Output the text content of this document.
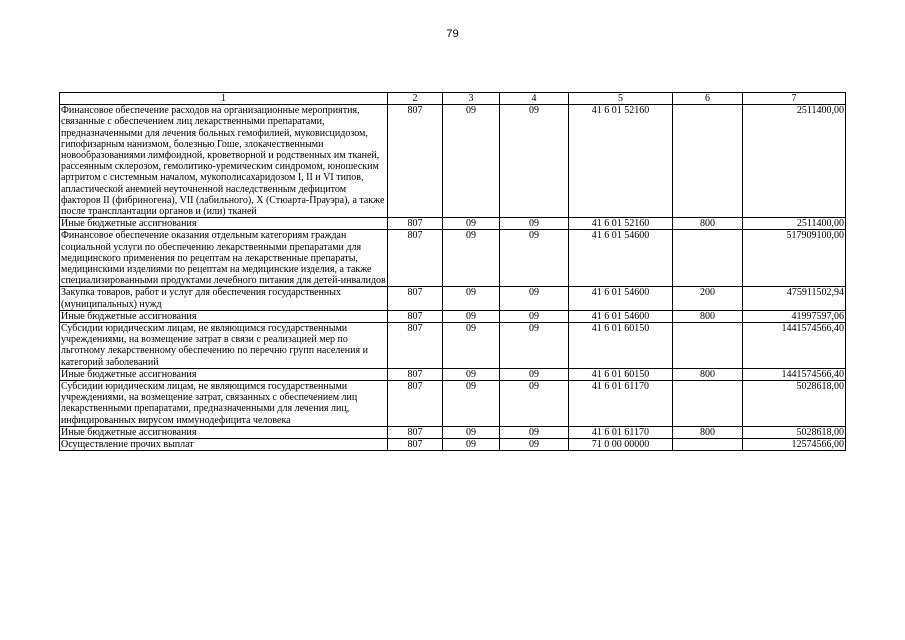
79
1	2	3	4	5	6	7
Финансовое обеспечение расходов на организационные мероприятия, связанные с обеспечением лиц лекарственными препаратами, предназначенными для лечения больных гемофилией, муковисцидозом, гипофизарным нанизмом, болезнью Гоше, злокачественными новообразованиями лимфоидной, кроветворной и родственных им тканей, рассеянным склерозом, гемолитико-уремическим синдромом, юношеским артритом с системным началом, мукополисахаридозом I, II и VI типов, апластической анемией неуточненной наследственным дефицитом факторов II (фибриногена), VII (лабильного), X (Стюарта-Прауэра), а также после трансплантации органов и (или) тканей	807	09	09	41 6 01 52160		2511400,00
Иные бюджетные ассигнования	807	09	09	41 6 01 52160	800	2511400,00
Финансовое обеспечение оказания отдельным категориям граждан социальной услуги по обеспечению лекарственными препаратами для медицинского применения по рецептам на лекарственные препараты, медицинскими изделиями по рецептам на медицинские изделия, а также специализированными продуктами лечебного питания для детей-инвалидов	807	09	09	41 6 01 54600		517909100,00
Закупка товаров, работ и услуг для обеспечения государственных (муниципальных) нужд	807	09	09	41 6 01 54600	200	475911502,94
Иные бюджетные ассигнования	807	09	09	41 6 01 54600	800	41997597,06
Субсидии юридическим лицам, не являющимся государственными учреждениями, на возмещение затрат в связи с реализацией мер по льготному лекарственному обеспечению по перечню групп населения и категорий заболеваний	807	09	09	41 6 01 60150		1441574566,40
Иные бюджетные ассигнования	807	09	09	41 6 01 60150	800	1441574566,40
Субсидии юридическим лицам, не являющимся государственными учреждениями, на возмещение затрат, связанных с обеспечением лиц лекарственными препаратами, предназначенными для лечения лиц, инфицированных вирусом иммунодефицита человека	807	09	09	41 6 01 61170		5028618,00
Иные бюджетные ассигнования	807	09	09	41 6 01 61170	800	5028618,00
Осуществление прочих выплат	807	09	09	71 0 00 00000		12574566,00
